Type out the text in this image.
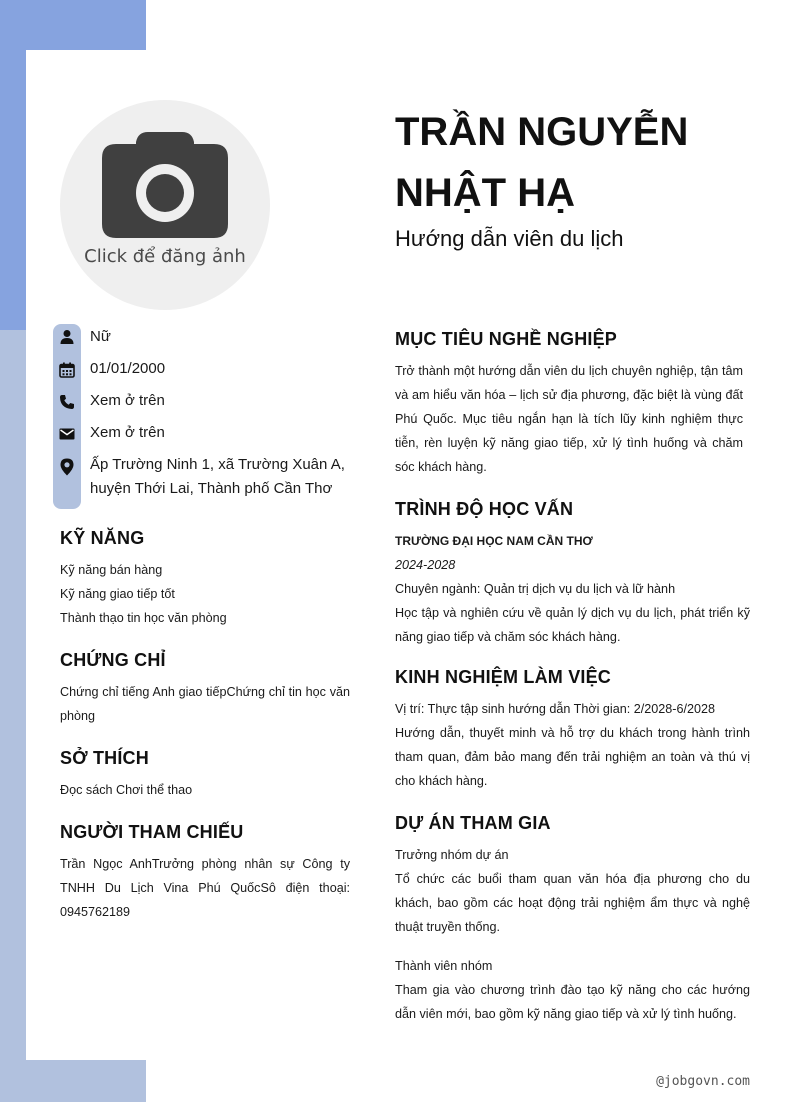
Click để đăng ảnh
TRẦN NGUYỄN
NHẬT HẠ
Hướng dẫn viên du lịch
Nữ
01/01/2000
Xem ở trên
Xem ở trên
Ấp Trường Ninh 1, xã Trường Xuân A,
huyện Thới Lai, Thành phố Cần Thơ
KỸ NĂNG
Kỹ năng bán hàng
Kỹ năng giao tiếp tốt
Thành thạo tin học văn phòng
CHỨNG CHỈ
Chứng chỉ tiếng Anh giao tiếpChứng chỉ tin học văn phòng
SỞ THÍCH
Đọc sách Chơi thể thao
NGƯỜI THAM CHIẾU
Trần Ngọc AnhTrưởng phòng nhân sự Công ty TNHH Du Lịch Vina Phú QuốcSô điện thoại: 0945762189
MỤC TIÊU NGHỀ NGHIỆP
Trở thành một hướng dẫn viên du lịch chuyên nghiệp, tận tâm và am hiểu văn hóa – lịch sử địa phương, đặc biệt là vùng đất Phú Quốc. Mục tiêu ngắn hạn là tích lũy kinh nghiệm thực tiễn, rèn luyện kỹ năng giao tiếp, xử lý tình huống và chăm sóc khách hàng.
TRÌNH ĐỘ HỌC VẤN
TRƯỜNG ĐẠI HỌC NAM CẦN THƠ
2024-2028
Chuyên ngành: Quản trị dịch vụ du lịch và lữ hành
Học tập và nghiên cứu về quản lý dịch vụ du lịch, phát triển kỹ năng giao tiếp và chăm sóc khách hàng.
KINH NGHIỆM LÀM VIỆC
Vị trí: Thực tập sinh hướng dẫn Thời gian: 2/2028-6/2028
Hướng dẫn, thuyết minh và hỗ trợ du khách trong hành trình tham quan, đảm bảo mang đến trải nghiệm an toàn và thú vị cho khách hàng.
DỰ ÁN THAM GIA
Trưởng nhóm dự án
Tổ chức các buổi tham quan văn hóa địa phương cho du khách, bao gồm các hoạt động trải nghiệm ẩm thực và nghệ thuật truyền thống.
Thành viên nhóm
Tham gia vào chương trình đào tạo kỹ năng cho các hướng dẫn viên mới, bao gồm kỹ năng giao tiếp và xử lý tình huống.
@jobgovn.com
